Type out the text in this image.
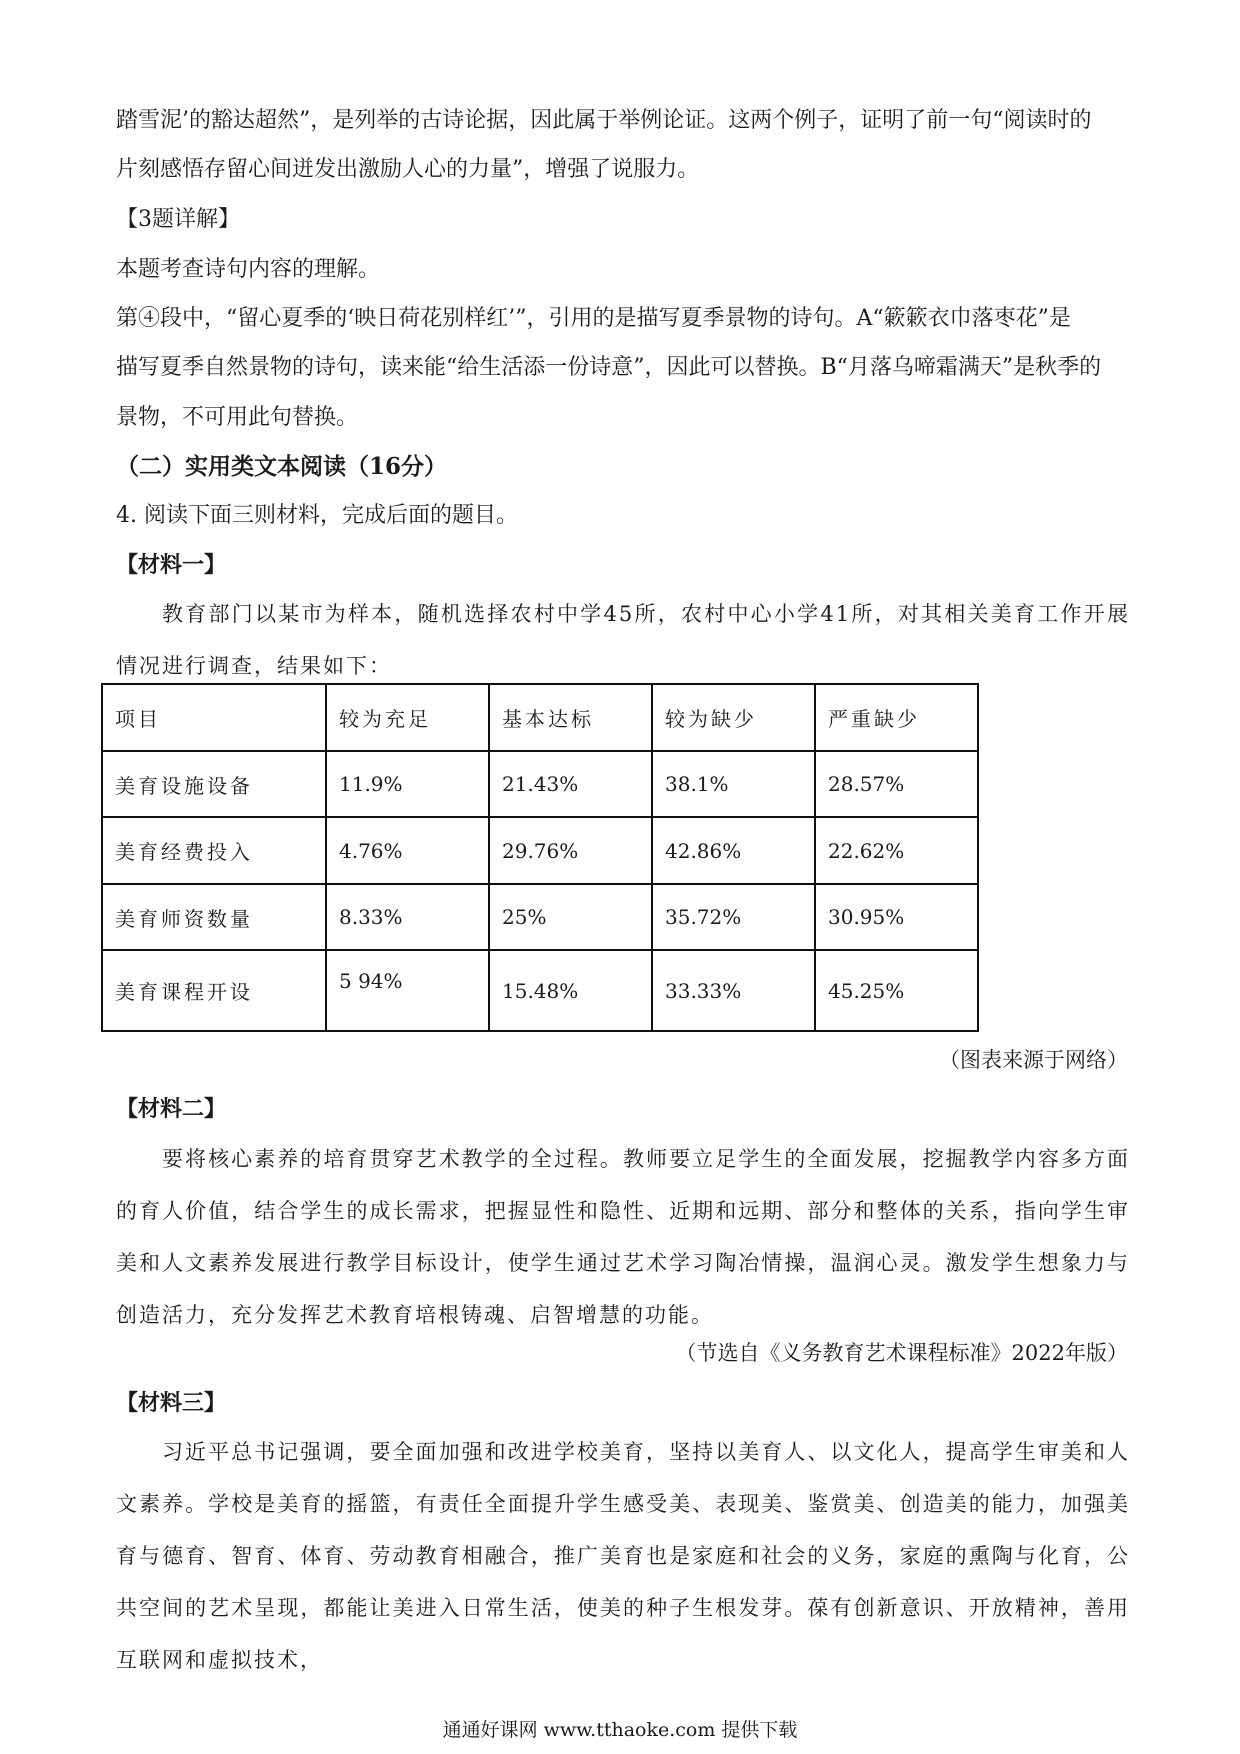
踏雪泥’的豁达超然”，是列举的古诗论据，因此属于举例论证。这两个例子，证明了前一句“阅读时的
片刻感悟存留心间迸发出激励人心的力量”，增强了说服力。
【3题详解】
本题考查诗句内容的理解。
第④段中，“留心夏季的‘映日荷花别样红’”，引用的是描写夏季景物的诗句。A“簌簌衣巾落枣花”是
描写夏季自然景物的诗句，读来能“给生活添一份诗意”，因此可以替换。B“月落乌啼霜满天”是秋季的
景物，不可用此句替换。
（二）实用类文本阅读（16分）
4. 阅读下面三则材料，完成后面的题目。
【材料一】

教育部门以某市为样本，随机选择农村中学45所，农村中心小学41所，对其相关美育工作开展情况进行调查，结果如下：

项目	较为充足	基本达标	较为缺少	严重缺少
美育设施设备	11.9%	21.43%	38.1%	28.57%
美育经费投入	4.76%	29.76%	42.86%	22.62%
美育师资数量	8.33%	25%	35.72%	30.95%
美育课程开设	5 94%	15.48%	33.33%	45.25%
（图表来源于网络）
【材料二】

要将核心素养的培育贯穿艺术教学的全过程。教师要立足学生的全面发展，挖掘教学内容多方面的育人价值，结合学生的成长需求，把握显性和隐性、近期和远期、部分和整体的关系，指向学生审美和人文素养发展进行教学目标设计，使学生通过艺术学习陶冶情操，温润心灵。激发学生想象力与创造活力，充分发挥艺术教育培根铸魂、启智增慧的功能。

（节选自《义务教育艺术课程标准》2022年版）
【材料三】

习近平总书记强调，要全面加强和改进学校美育，坚持以美育人、以文化人，提高学生审美和人文素养。学校是美育的摇篮，有责任全面提升学生感受美、表现美、鉴赏美、创造美的能力，加强美育与德育、智育、体育、劳动教育相融合，推广美育也是家庭和社会的义务，家庭的熏陶与化育，公共空间的艺术呈现，都能让美进入日常生活，使美的种子生根发芽。葆有创新意识、开放精神，善用互联网和虚拟技术，

通通好课网 www.tthaoke.com 提供下载
